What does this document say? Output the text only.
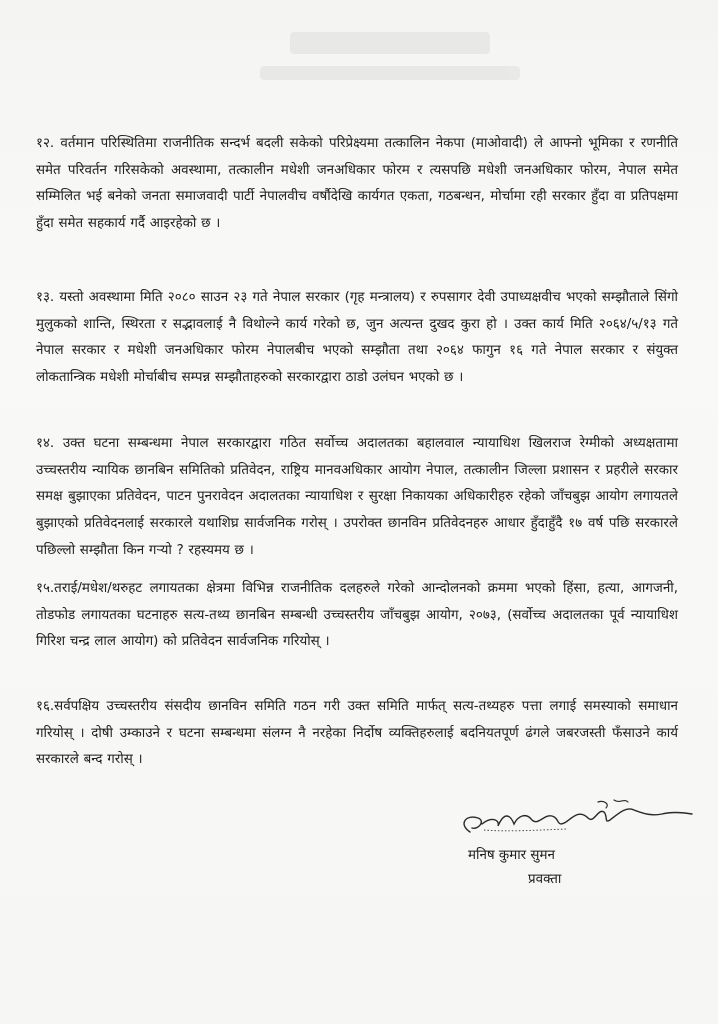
१२. वर्तमान परिस्थितिमा राजनीतिक सन्दर्भ बदली सकेको परिप्रेक्ष्यमा तत्कालिन नेकपा (माओवादी) ले आफ्नो भूमिका र रणनीति समेत परिवर्तन गरिसकेको अवस्थामा, तत्कालीन मधेशी जनअधिकार फोरम र त्यसपछि मधेशी जनअधिकार फोरम, नेपाल समेत सम्मिलित भई बनेको जनता समाजवादी पार्टी नेपालवीच वर्षौदेखि कार्यगत एकता, गठबन्धन, मोर्चामा रही सरकार हुँदा वा प्रतिपक्षमा हुँदा समेत सहकार्य गर्दै आइरहेको छ ।

१३. यस्तो अवस्थामा मिति २०८० साउन २३ गते नेपाल सरकार (गृह मन्त्रालय) र रुपसागर देवी उपाध्यक्षवीच भएको सम्झौताले सिंगो मुलुकको शान्ति, स्थिरता र सद्भावलाई नै विथोल्ने कार्य गरेको छ, जुन अत्यन्त दुखद कुरा हो । उक्त कार्य मिति २०६४/५/१३ गते नेपाल सरकार र मधेशी जनअधिकार फोरम नेपालबीच भएको सम्झौता तथा २०६४ फागुन १६ गते नेपाल सरकार र संयुक्त लोकतान्त्रिक मधेशी मोर्चाबीच सम्पन्न सम्झौताहरुको सरकारद्वारा ठाडो उलंघन भएको छ ।

१४. उक्त घटना सम्बन्धमा नेपाल सरकारद्वारा गठित सर्वोच्च अदालतका बहालवाल न्यायाधिश खिलराज रेग्मीको अध्यक्षतामा उच्चस्तरीय न्यायिक छानबिन समितिको प्रतिवेदन, राष्ट्रिय मानवअधिकार आयोग नेपाल, तत्कालीन जिल्ला प्रशासन र प्रहरीले सरकार समक्ष बुझाएका प्रतिवेदन, पाटन पुनरावेदन अदालतका न्यायाधिश र सुरक्षा निकायका अधिकारीहरु रहेको जाँचबुझ आयोग लगायतले बुझाएको प्रतिवेदनलाई सरकारले यथाशिघ्र सार्वजनिक गरोस् । उपरोक्त छानविन प्रतिवेदनहरु आधार हुँदाहुँदै १७ वर्ष पछि सरकारले पछिल्लो सम्झौता किन गऱ्यो ? रहस्यमय छ ।

१५.तराई/मधेश/थरुहट लगायतका क्षेत्रमा विभिन्न राजनीतिक दलहरुले गरेको आन्दोलनको क्रममा भएको हिंसा, हत्या, आगजनी, तोडफोड लगायतका घटनाहरु सत्य-तथ्य छानबिन सम्बन्धी उच्चस्तरीय जाँचबुझ आयोग, २०७३, (सर्वोच्च अदालतका पूर्व न्यायाधिश गिरिश चन्द्र लाल आयोग) को प्रतिवेदन सार्वजनिक गरियोस् ।

१६.सर्वपक्षिय उच्चस्तरीय संसदीय छानविन समिति गठन गरी उक्त समिति मार्फत् सत्य-तथ्यहरु पत्ता लगाई समस्याको समाधान गरियोस् । दोषी उम्काउने र घटना सम्बन्धमा संलग्न नै नरहेका निर्दोष व्यक्तिहरुलाई बदनियतपूर्ण ढंगले जबरजस्ती फँसाउने कार्य सरकारले बन्द गरोस् ।

मनिष कुमार सुमन

प्रवक्ता
